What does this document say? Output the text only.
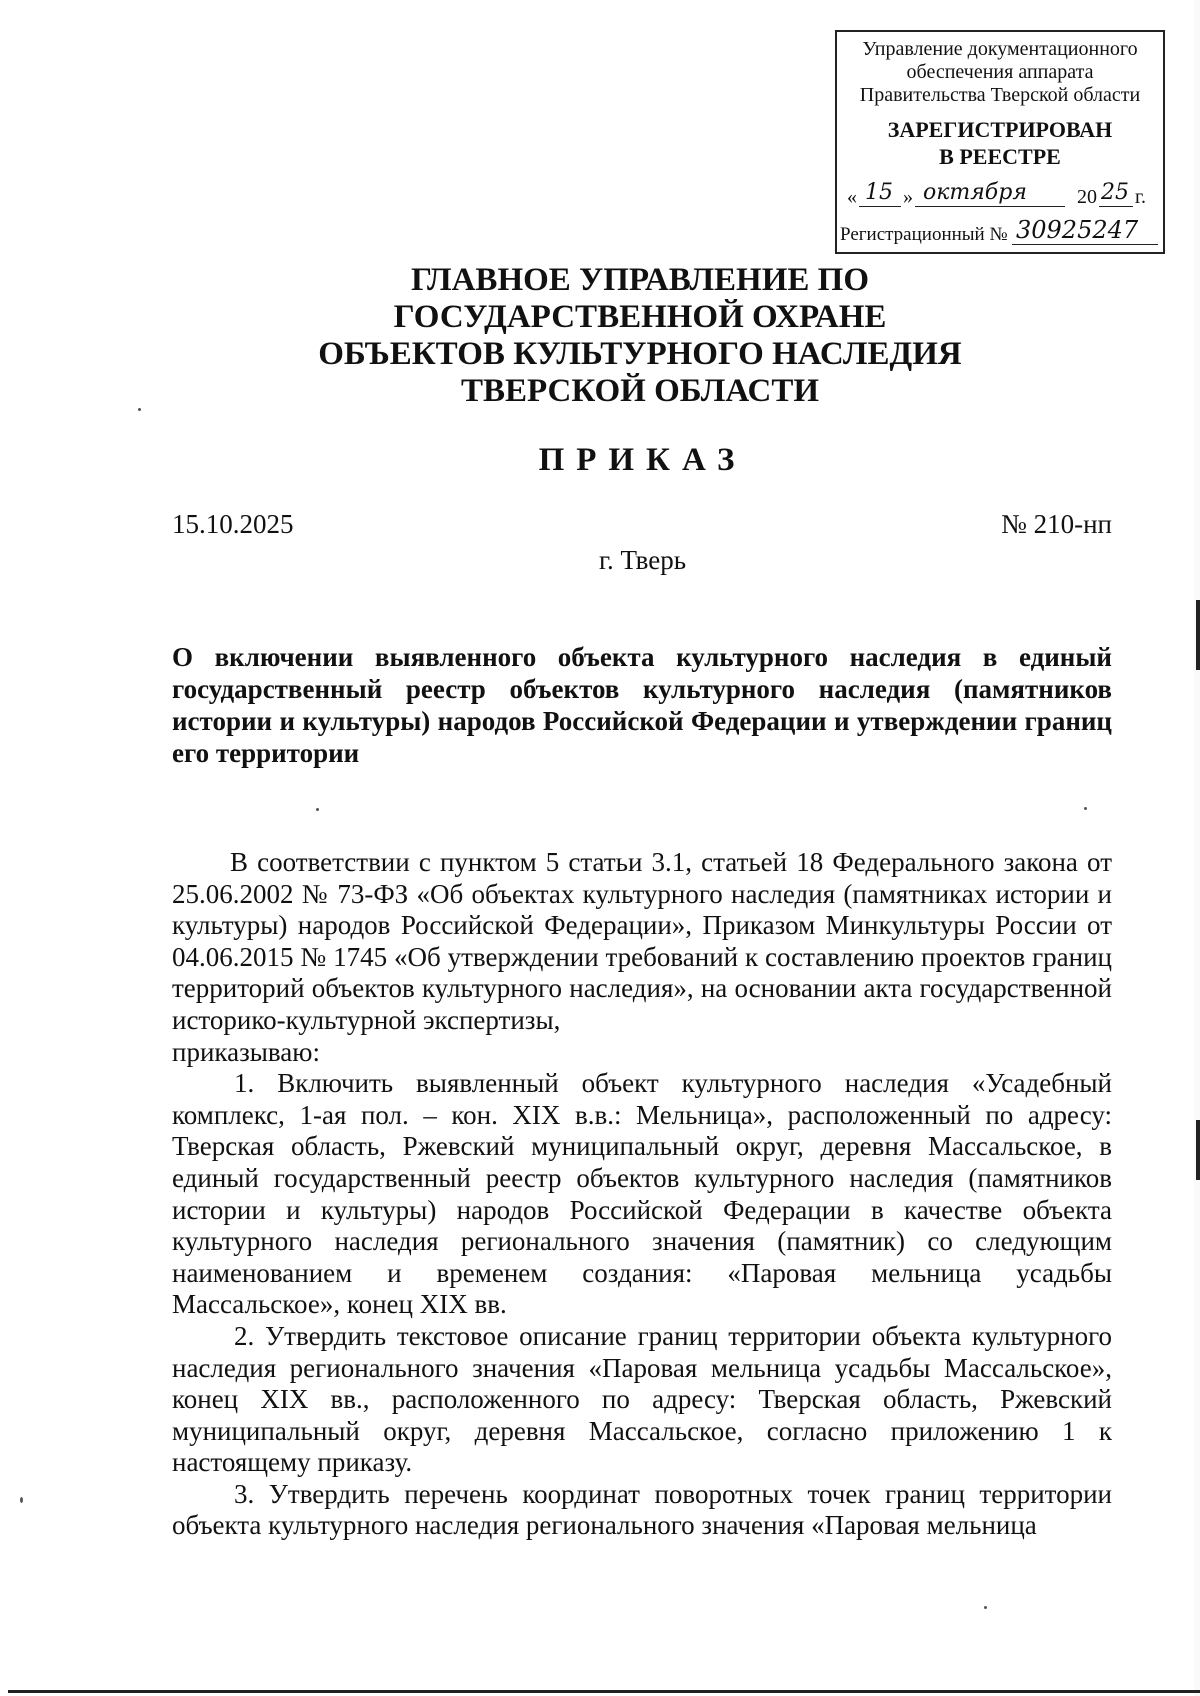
Управление документационного
обеспечения аппарата
Правительства Тверской области
ЗАРЕГИСТРИРОВАН
В РЕЕСТРЕ
« 15 » октября	20 25 г.
Регистрационный № 30925247
ГЛАВНОЕ УПРАВЛЕНИЕ ПО
ГОСУДАРСТВЕННОЙ ОХРАНЕ
ОБЪЕКТОВ КУЛЬТУРНОГО НАСЛЕДИЯ
ТВЕРСКОЙ ОБЛАСТИ
ПРИКАЗ
15.10.2025	№ 210-нп
г. Тверь
О включении выявленного объекта культурного наследия в единый государственный реестр объектов культурного наследия (памятников истории и культуры) народов Российской Федерации и утверждении границ его территории

В соответствии с пунктом 5 статьи 3.1, статьей 18 Федерального закона от 25.06.2002 № 73-ФЗ «Об объектах культурного наследия (памятниках истории и культуры) народов Российской Федерации», Приказом Минкультуры России от 04.06.2015 № 1745 «Об утверждении требований к составлению проектов границ территорий объектов культурного наследия», на основании акта государственной историко-культурной экспертизы,

приказываю:

1. Включить выявленный объект культурного наследия «Усадебный комплекс, 1-ая пол. – кон. XIX в.в.: Мельница», расположенный по адресу: Тверская область, Ржевский муниципальный округ, деревня Массальское, в единый государственный реестр объектов культурного наследия (памятников истории и культуры) народов Российской Федерации в качестве объекта культурного наследия регионального значения (памятник) со следующим наименованием и временем создания: «Паровая мельница усадьбы Массальское», конец XIX вв.

2. Утвердить текстовое описание границ территории объекта культурного наследия регионального значения «Паровая мельница усадьбы Массальское», конец XIX вв., расположенного по адресу: Тверская область, Ржевский муниципальный округ, деревня Массальское, согласно приложению 1 к настоящему приказу.

3. Утвердить перечень координат поворотных точек границ территории объекта культурного наследия регионального значения «Паровая мельница
